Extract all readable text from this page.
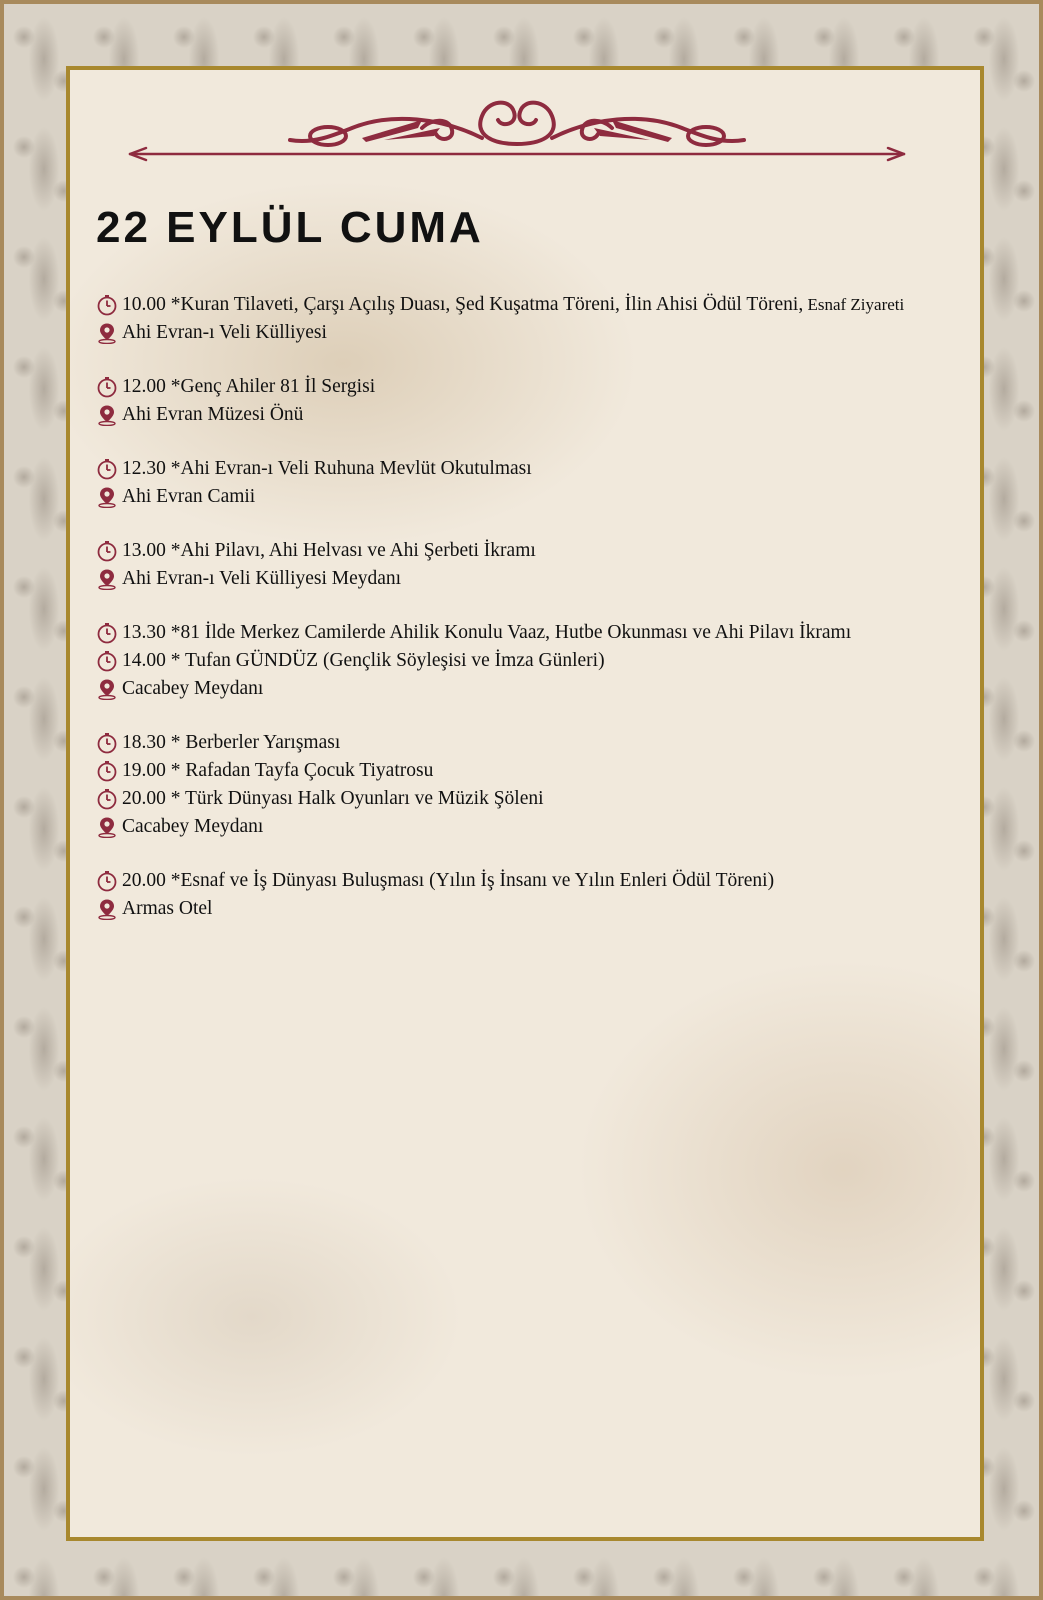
22 EYLÜL CUMA
10.00 *Kuran Tilaveti, Çarşı Açılış Duası, Şed Kuşatma Töreni, İlin Ahisi Ödül Töreni, Esnaf Ziyareti
Ahi Evran-ı Veli Külliyesi
12.00 *Genç Ahiler 81 İl Sergisi
Ahi Evran Müzesi Önü
12.30 *Ahi Evran-ı Veli Ruhuna Mevlüt Okutulması
Ahi Evran Camii
13.00 *Ahi Pilavı, Ahi Helvası ve Ahi Şerbeti İkramı
Ahi Evran-ı Veli Külliyesi Meydanı
13.30 *81 İlde Merkez Camilerde Ahilik Konulu Vaaz, Hutbe Okunması ve Ahi Pilavı İkramı
14.00 * Tufan GÜNDÜZ (Gençlik Söyleşisi ve İmza Günleri)
Cacabey Meydanı
18.30 * Berberler Yarışması
19.00 * Rafadan Tayfa Çocuk Tiyatrosu
20.00 * Türk Dünyası Halk Oyunları ve Müzik Şöleni
Cacabey Meydanı
20.00 *Esnaf ve İş Dünyası Buluşması (Yılın İş İnsanı ve Yılın Enleri Ödül Töreni)
Armas Otel
